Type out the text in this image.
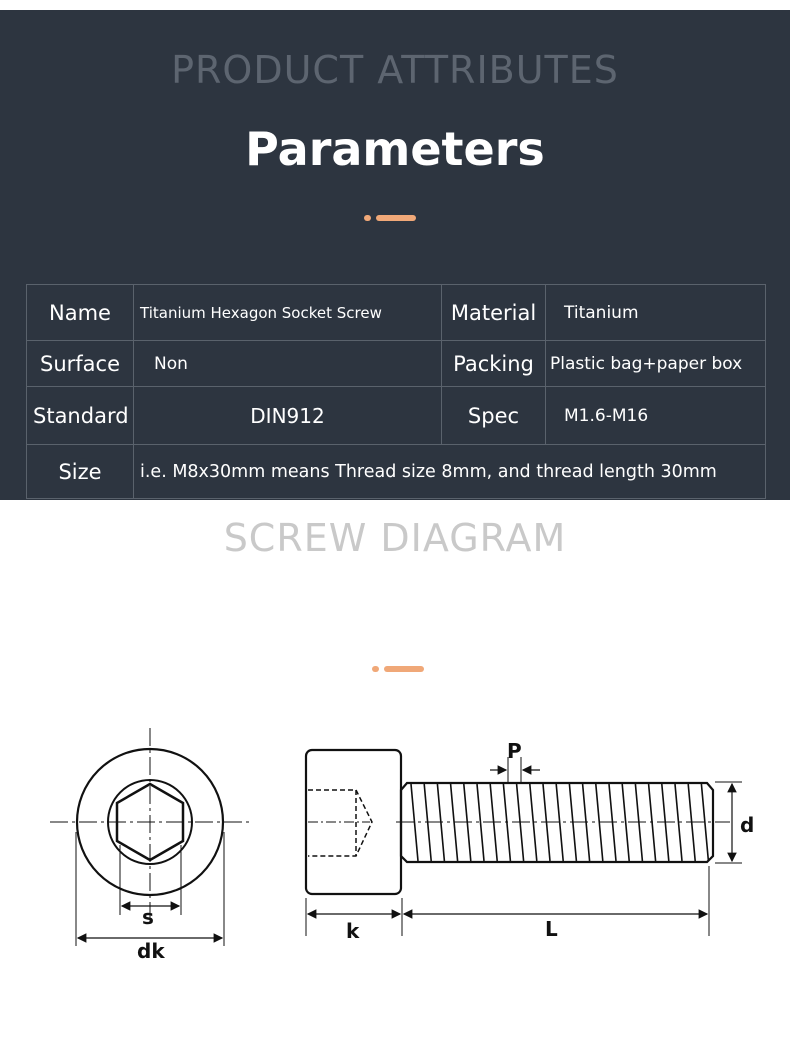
PRODUCT ATTRIBUTES
Parameters
Name	Titanium Hexagon Socket Screw	Material	Titanium
Surface	Non	Packing	Plastic bag+paper box
Standard	DIN912	Spec	M1.6-M16
Size	i.e. M8x30mm means Thread size 8mm, and thread length 30mm		
SCREW DIAGRAM
s
dk
P
d
k	L
